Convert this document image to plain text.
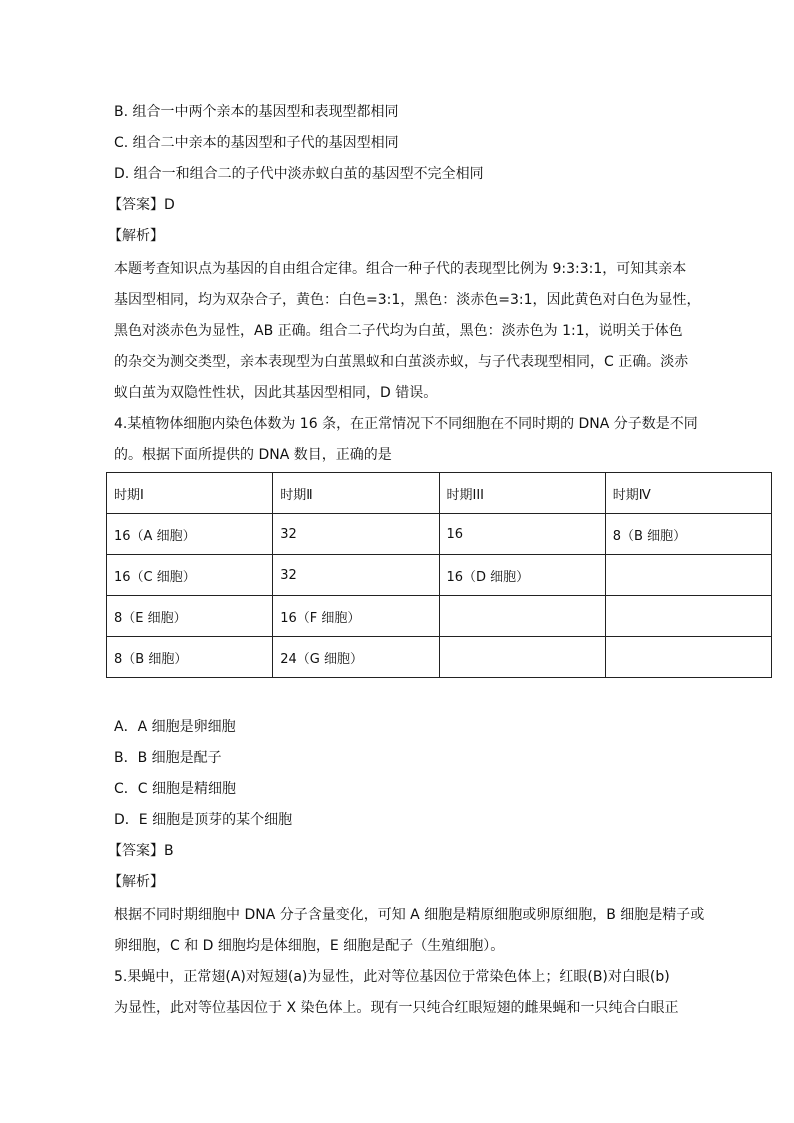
B. 组合一中两个亲本的基因型和表现型都相同
C. 组合二中亲本的基因型和子代的基因型相同
D. 组合一和组合二的子代中淡赤蚁白茧的基因型不完全相同
【答案】D
【解析】
本题考查知识点为基因的自由组合定律。组合一种子代的表现型比例为 9:3:3:1，可知其亲本
基因型相同，均为双杂合子，黄色：白色=3:1，黑色：淡赤色=3:1，因此黄色对白色为显性，
黑色对淡赤色为显性，AB 正确。组合二子代均为白茧，黑色：淡赤色为 1:1，说明关于体色
的杂交为测交类型，亲本表现型为白茧黑蚁和白茧淡赤蚁，与子代表现型相同，C 正确。淡赤
蚁白茧为双隐性性状，因此其基因型相同，D 错误。
4.某植物体细胞内染色体数为 16 条，在正常情况下不同细胞在不同时期的 DNA 分子数是不同
的。根据下面所提供的 DNA 数目，正确的是
时期Ⅰ	时期Ⅱ	时期III	时期Ⅳ
16（A 细胞）	32	16	8（B 细胞）
16（C 细胞）	32	16（D 细胞）	
8（E 细胞）	16（F 细胞）		
8（B 细胞）	24（G 细胞）		
A．A 细胞是卵细胞
B．B 细胞是配子
C．C 细胞是精细胞
D．E 细胞是顶芽的某个细胞
【答案】B
【解析】
根据不同时期细胞中 DNA 分子含量变化，可知 A 细胞是精原细胞或卵原细胞，B 细胞是精子或
卵细胞，C 和 D 细胞均是体细胞，E 细胞是配子（生殖细胞）。
5.果蝇中，正常翅(A)对短翅(a)为显性，此对等位基因位于常染色体上；红眼(B)对白眼(b)
为显性，此对等位基因位于 X 染色体上。现有一只纯合红眼短翅的雌果蝇和一只纯合白眼正
